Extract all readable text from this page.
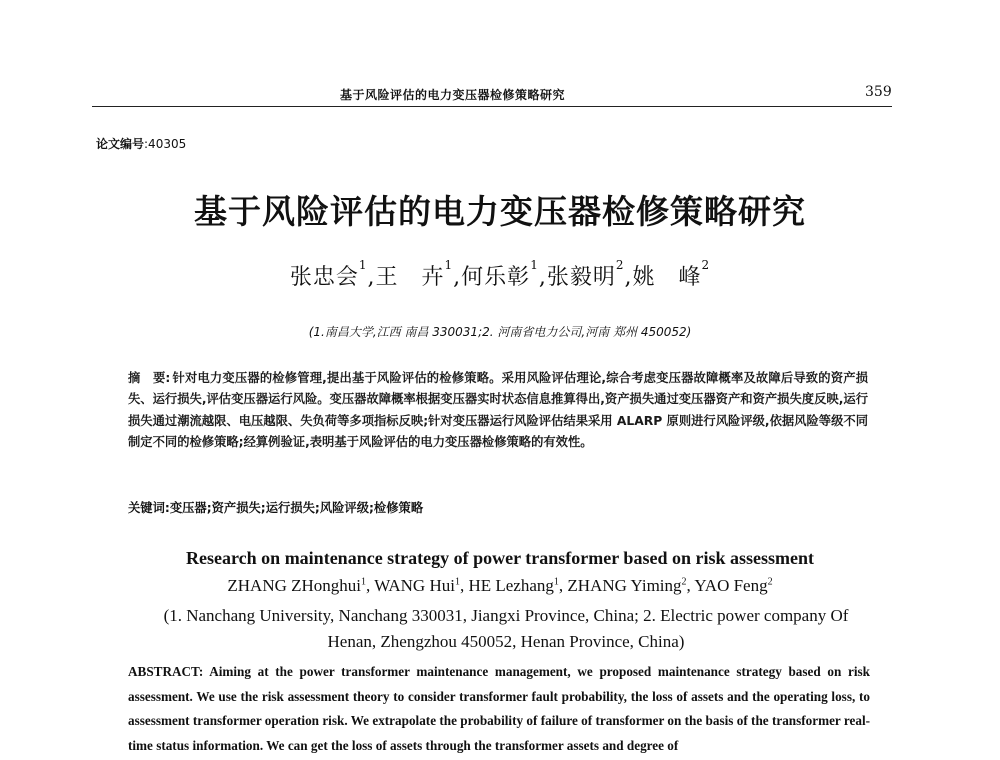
基于风险评估的电力变压器检修策略研究	359
论文编号:40305
基于风险评估的电力变压器检修策略研究
张忠会$^1$,王　卉$^1$,何乐彰$^1$,张毅明$^2$,姚　峰$^2$
(1.南昌大学,江西 南昌 330031;2. 河南省电力公司,河南 郑州 450052)
摘　要: 针对电力变压器的检修管理,提出基于风险评估的检修策略。采用风险评估理论,综合考虑变压器故障概率及故障后导致的资产损失、运行损失,评估变压器运行风险。变压器故障概率根据变压器实时状态信息推算得出,资产损失通过变压器资产和资产损失度反映,运行损失通过潮流越限、电压越限、失负荷等多项指标反映;针对变压器运行风险评估结果采用 ALARP 原则进行风险评级,依据风险等级不同制定不同的检修策略;经算例验证,表明基于风险评估的电力变压器检修策略的有效性。
关键词:变压器;资产损失;运行损失;风险评级;检修策略
Research on maintenance strategy of power transformer based on risk assessment
ZHANG ZHonghui$^1$, WANG Hui$^1$, HE Lezhang$^1$, ZHANG Yiming$^2$, YAO Feng$^2$
(1. Nanchang University, Nanchang 330031, Jiangxi Province, China; 2. Electric power company Of Henan, Zhengzhou 450052, Henan Province, China)
ABSTRACT: Aiming at the power transformer maintenance management, we proposed maintenance strategy based on risk assessment. We use the risk assessment theory to consider transformer fault probability, the loss of assets and the operating loss, to assessment transformer operation risk. We extrapolate the probability of failure of transformer on the basis of the transformer real-time status information. We can get the loss of assets through the transformer assets and degree of
